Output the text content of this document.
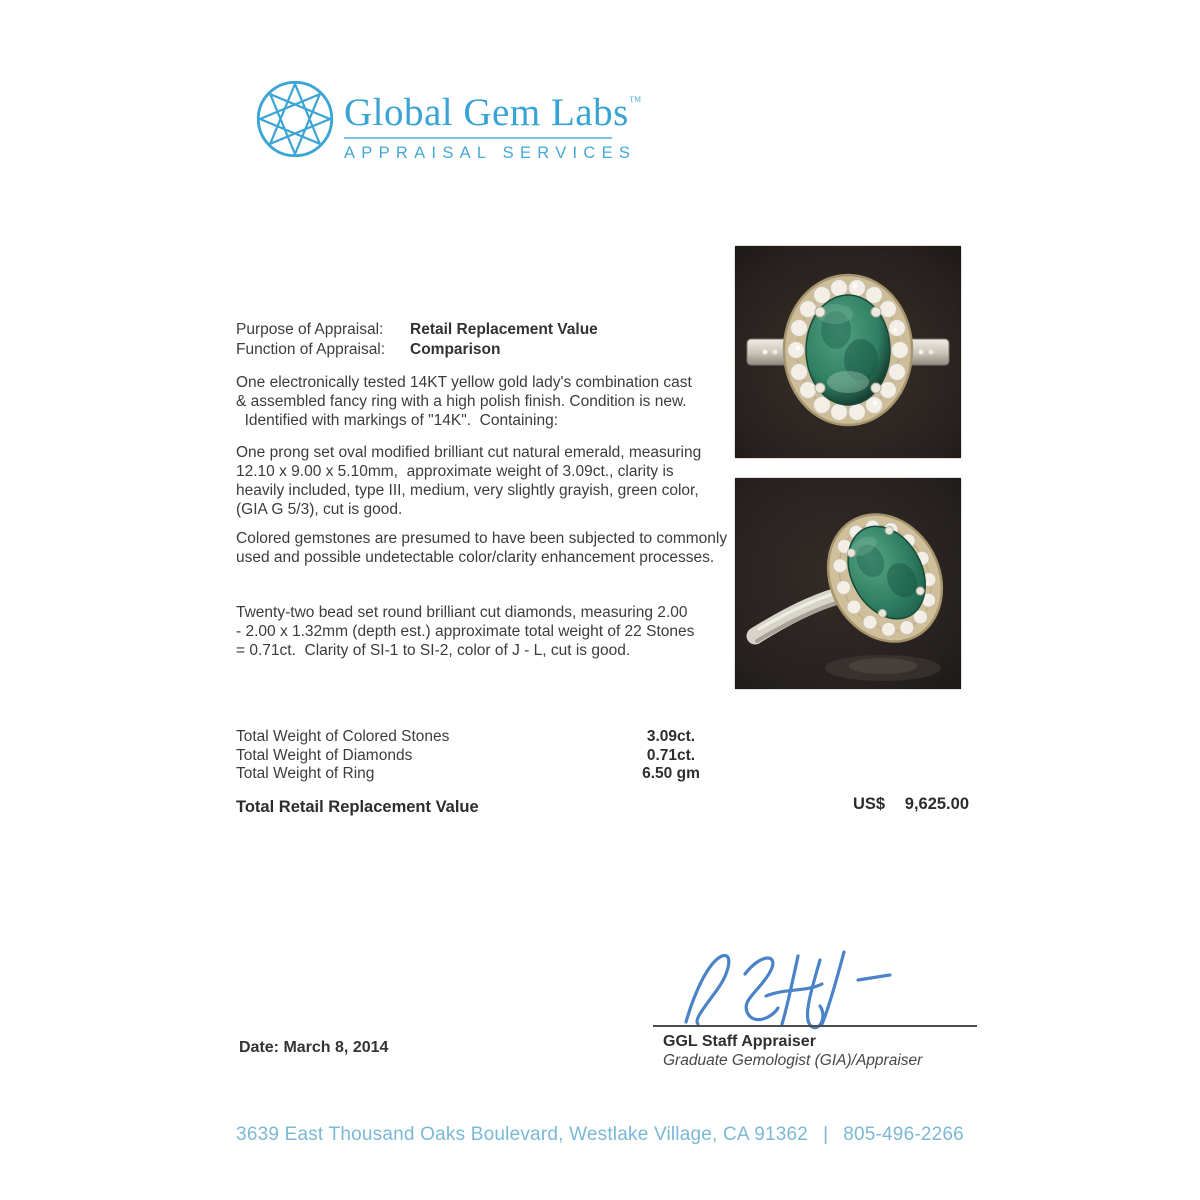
Global Gem Labs™
APPRAISAL SERVICES
Purpose of Appraisal:	Retail Replacement Value
Function of Appraisal:	Comparison
One electronically tested 14KT yellow gold lady's combination cast
& assembled fancy ring with a high polish finish. Condition is new.
Identified with markings of "14K".  Containing:
One prong set oval modified brilliant cut natural emerald, measuring
12.10 x 9.00 x 5.10mm,  approximate weight of 3.09ct., clarity is
heavily included, type III, medium, very slightly grayish, green color,
(GIA G 5/3), cut is good.
Colored gemstones are presumed to have been subjected to commonly
used and possible undetectable color/clarity enhancement processes.
Twenty-two bead set round brilliant cut diamonds, measuring 2.00
- 2.00 x 1.32mm (depth est.) approximate total weight of 22 Stones
= 0.71ct.  Clarity of SI-1 to SI-2, color of J - L, cut is good.
Total Weight of Colored Stones	3.09ct.
Total Weight of Diamonds	0.71ct.
Total Weight of Ring	6.50 gm
Total Retail Replacement Value	US$	9,625.00
GGL Staff Appraiser
Graduate Gemologist (GIA)/Appraiser
Date: March 8, 2014
3639 East Thousand Oaks Boulevard, Westlake Village, CA 91362 | 805-496-2266
